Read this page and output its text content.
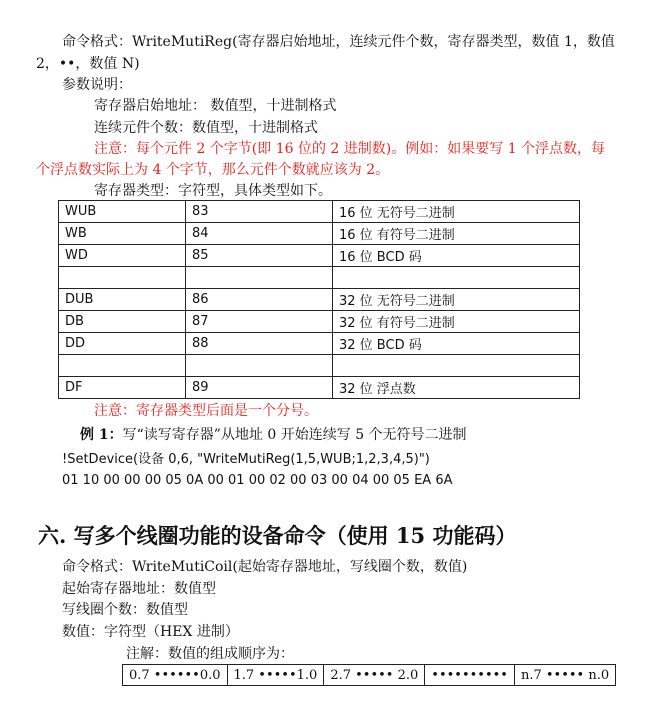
命令格式：WriteMutiReg(寄存器启始地址，连续元件个数，寄存器类型，数值 1，数值
2，••，数值 N)
参数说明：
寄存器启始地址： 数值型，十进制格式
连续元件个数：数值型，十进制格式
注意：每个元件 2 个字节(即 16 位的 2 进制数)。例如：如果要写 1 个浮点数，每
个浮点数实际上为 4 个字节，那么元件个数就应该为 2。
寄存器类型：字符型，具体类型如下。
WUB	83	16 位 无符号二进制
WB	84	16 位 有符号二进制
WD	85	16 位 BCD 码

DUB	86	32 位 无符号二进制
DB	87	32 位 有符号二进制
DD	88	32 位 BCD 码

DF	89	32 位 浮点数
注意：寄存器类型后面是一个分号。
例 1：写“读写寄存器”从地址 0 开始连续写 5 个无符号二进制
!SetDevice(设备 0,6, "WriteMutiReg(1,5,WUB;1,2,3,4,5)")
01 10 00 00 00 05 0A 00 01 00 02 00 03 00 04 00 05 EA 6A
六. 写多个线圈功能的设备命令（使用 15 功能码）
命令格式：WriteMutiCoil(起始寄存器地址，写线圈个数，数值)
起始寄存器地址：数值型
写线圈个数：数值型
数值：字符型（HEX 进制）
注解：数值的组成顺序为：
0.7 ••••••0.0	1.7 •••••1.0	2.7 ••••• 2.0	••••••••••	n.7 ••••• n.0
